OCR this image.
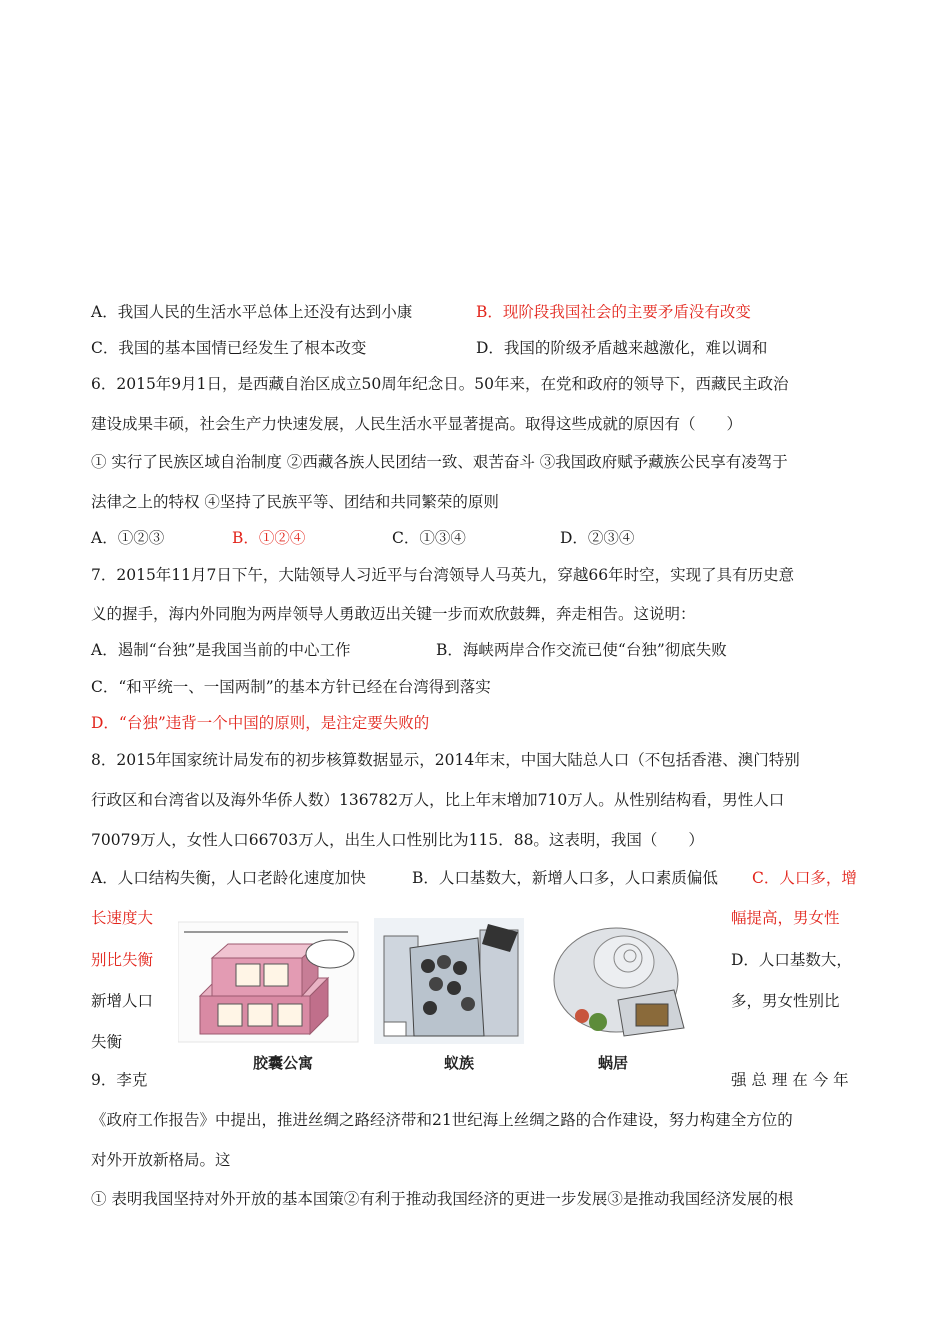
A．我国人民的生活水平总体上还没有达到小康	B．现阶段我国社会的主要矛盾没有改变
C．我国的基本国情已经发生了根本改变	D．我国的阶级矛盾越来越激化，难以调和
6．2015年9月1日，是西藏自治区成立50周年纪念日。50年来，在党和政府的领导下，西藏民主政治
建设成果丰硕，社会生产力快速发展，人民生活水平显著提高。取得这些成就的原因有（　　）
① 实行了民族区域自治制度 ②西藏各族人民团结一致、艰苦奋斗 ③我国政府赋予藏族公民享有凌驾于
法律之上的特权 ④坚持了民族平等、团结和共同繁荣的原则
A．①②③	B．①②④	C．①③④	D．②③④
7．2015年11月7日下午，大陆领导人习近平与台湾领导人马英九，穿越66年时空，实现了具有历史意
义的握手，海内外同胞为两岸领导人勇敢迈出关键一步而欢欣鼓舞，奔走相告。这说明：
A．遏制“台独”是我国当前的中心工作	B．海峡两岸合作交流已使“台独”彻底失败
C．“和平统一、一国两制”的基本方针已经在台湾得到落实
D．“台独”违背一个中国的原则，是注定要失败的
8．2015年国家统计局发布的初步核算数据显示，2014年末，中国大陆总人口（不包括香港、澳门特别
行政区和台湾省以及海外华侨人数）136782万人，比上年末增加710万人。从性别结构看，男性人口
70079万人，女性人口66703万人，出生人口性别比为115．88。这表明，我国（　　）
A．人口结构失衡，人口老龄化速度加快	B．人口基数大，新增人口多，人口素质偏低 C．人口多，增
长速度大	幅提高，男女性
别比失衡	D．人口基数大，
新增人口	多，男女性别比
失衡
胶囊公寓	蚁族	蜗居
9．李克	强 总 理 在 今 年
《政府工作报告》中提出，推进丝绸之路经济带和21世纪海上丝绸之路的合作建设，努力构建全方位的
对外开放新格局。这
① 表明我国坚持对外开放的基本国策②有利于推动我国经济的更进一步发展③是推动我国经济发展的根
